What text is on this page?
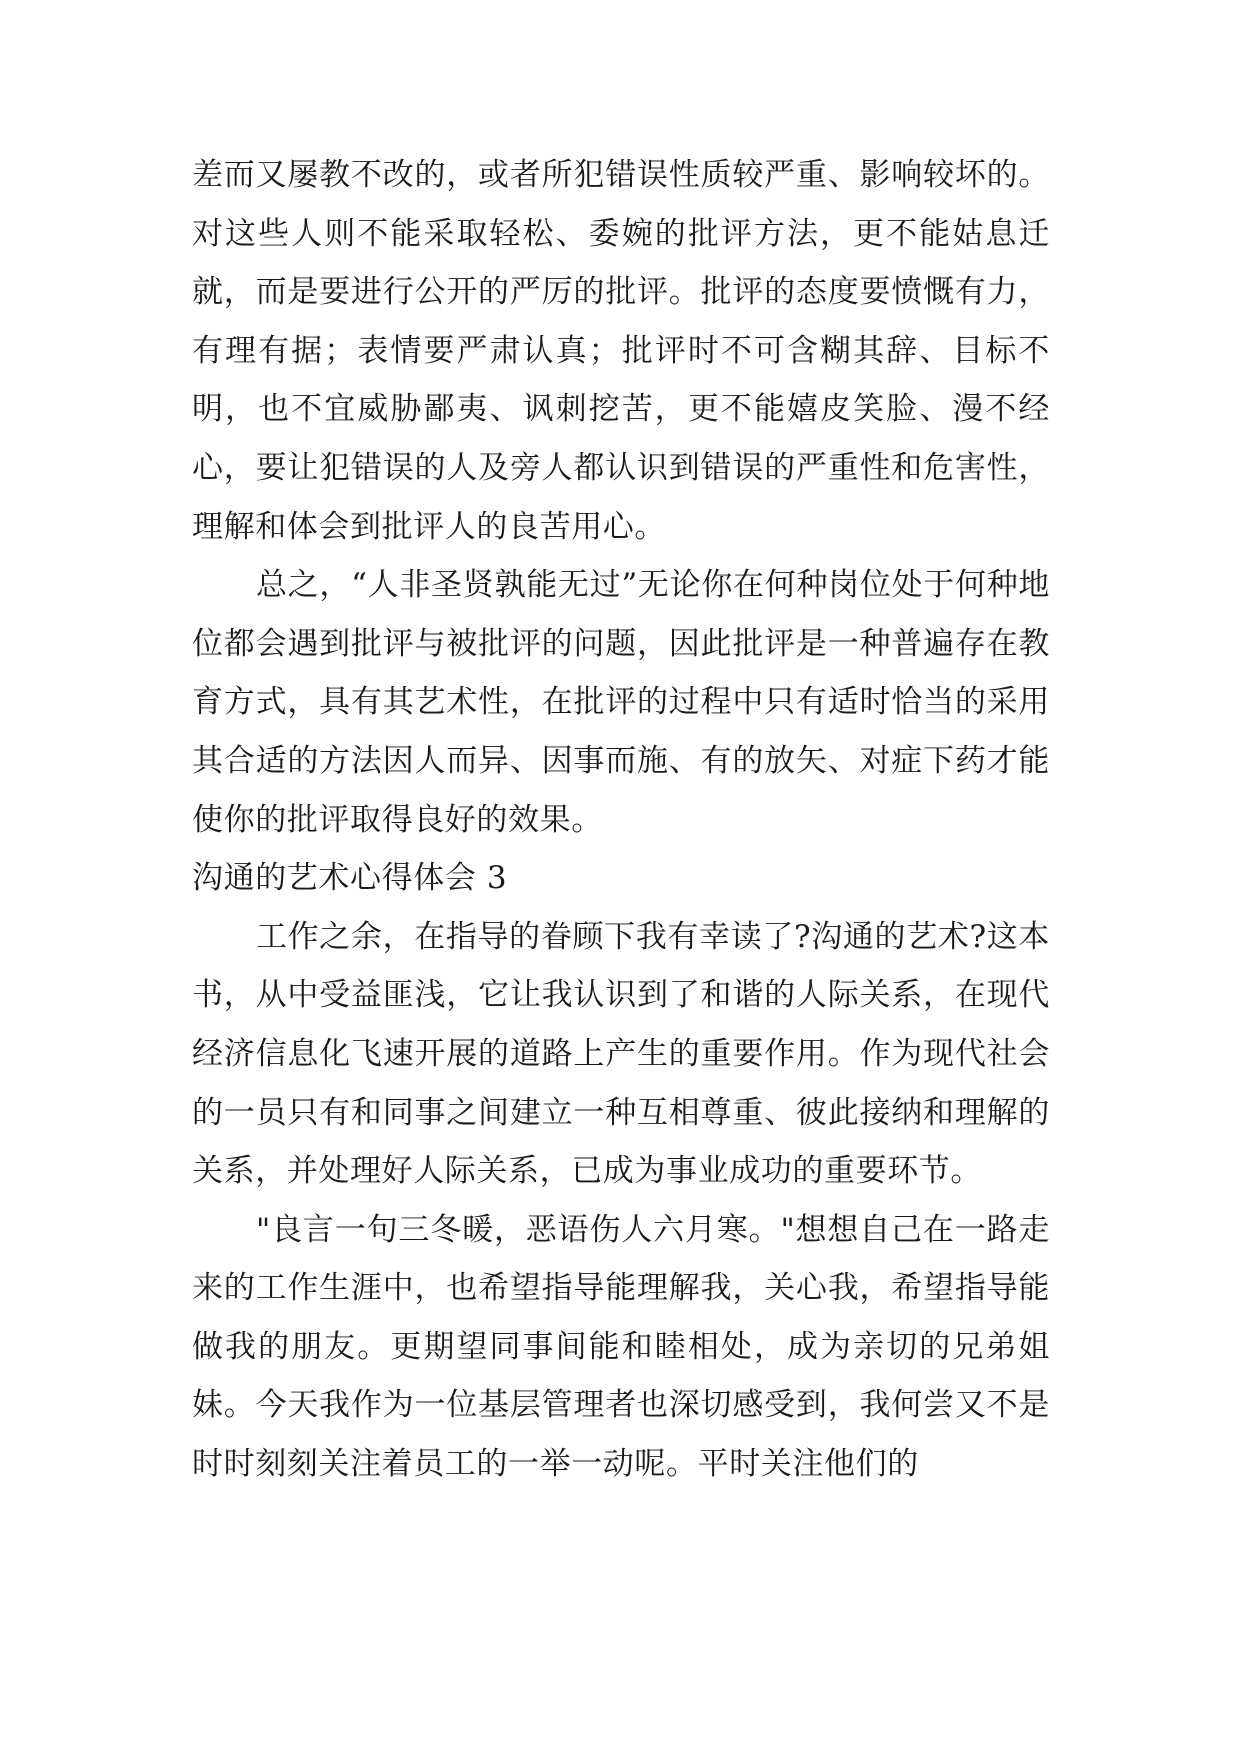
差而又屡教不改的，或者所犯错误性质较严重、影响较坏的。对这些人则不能采取轻松、委婉的批评方法，更不能姑息迁就，而是要进行公开的严厉的批评。批评的态度要愤慨有力，有理有据；表情要严肃认真；批评时不可含糊其辞、目标不明，也不宜威胁鄙夷、讽刺挖苦，更不能嬉皮笑脸、漫不经心，要让犯错误的人及旁人都认识到错误的严重性和危害性，理解和体会到批评人的良苦用心。

总之，“人非圣贤孰能无过”无论你在何种岗位处于何种地位都会遇到批评与被批评的问题，因此批评是一种普遍存在教育方式，具有其艺术性，在批评的过程中只有适时恰当的采用其合适的方法因人而异、因事而施、有的放矢、对症下药才能使你的批评取得良好的效果。

沟通的艺术心得体会 3

工作之余，在指导的眷顾下我有幸读了?沟通的艺术?这本书，从中受益匪浅，它让我认识到了和谐的人际关系，在现代经济信息化飞速开展的道路上产生的重要作用。作为现代社会的一员只有和同事之间建立一种互相尊重、彼此接纳和理解的关系，并处理好人际关系，已成为事业成功的重要环节。

"良言一句三冬暖，恶语伤人六月寒。"想想自己在一路走来的工作生涯中，也希望指导能理解我，关心我，希望指导能做我的朋友。更期望同事间能和睦相处，成为亲切的兄弟姐妹。今天我作为一位基层管理者也深切感受到，我何尝又不是时时刻刻关注着员工的一举一动呢。平时关注他们的
